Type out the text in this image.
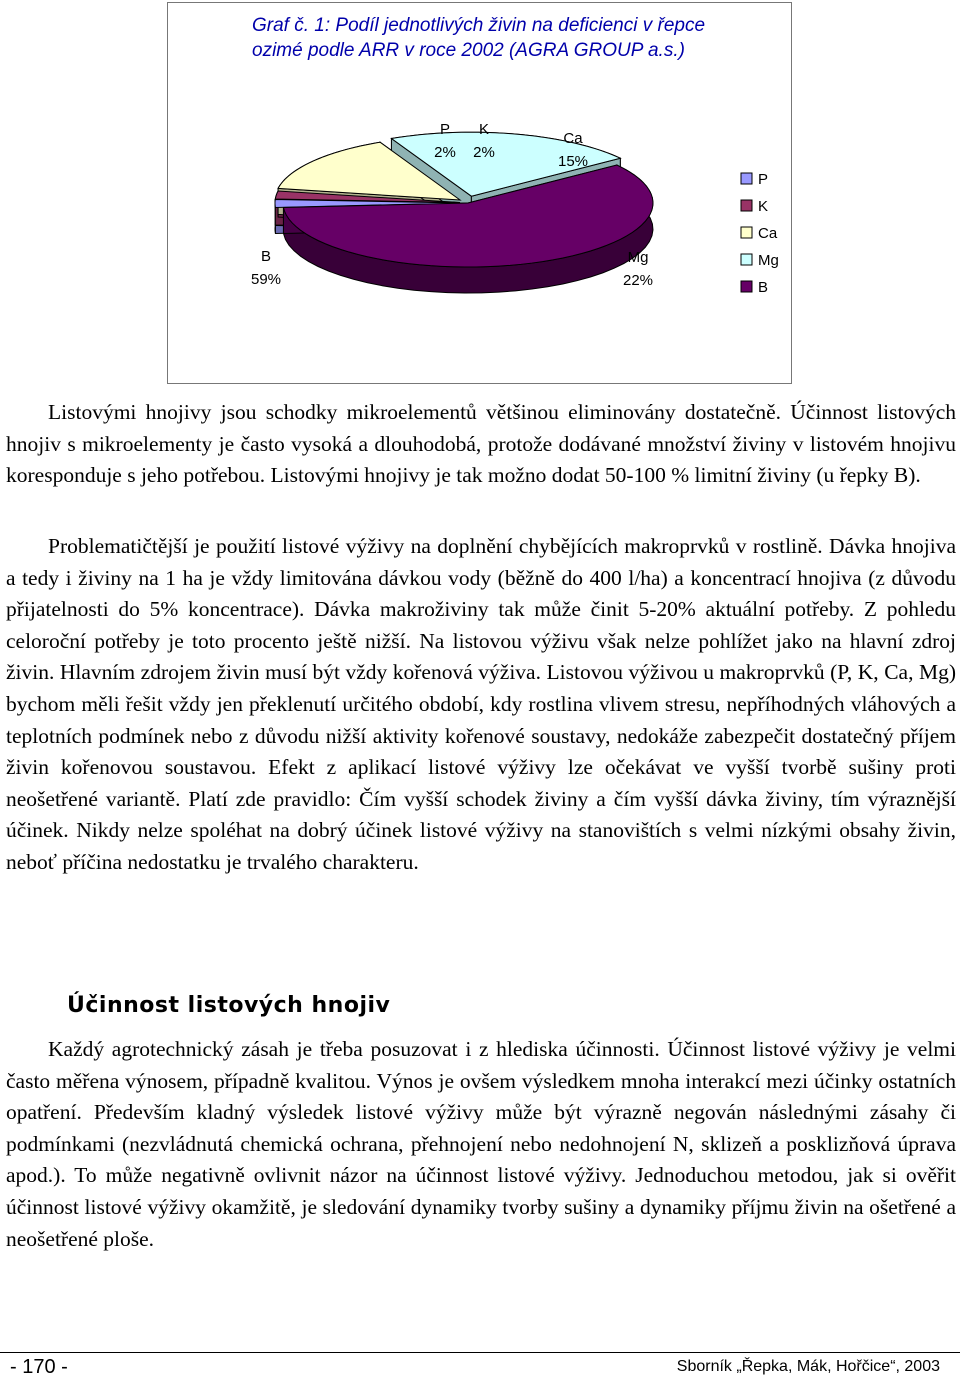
Graf č. 1: Podíl jednotlivých živin na deficienci v řepce ozimé podle ARR v roce 2002 (AGRA GROUP a.s.)
P
2%
K
2%
Ca
15%
Mg
22%
B
59%
P
K
Ca
Mg
B

Listovými hnojivy jsou schodky mikroelementů většinou eliminovány dostatečně. Účinnost listových hnojiv s mikroelementy je často vysoká a dlouhodobá, protože dodávané množství živiny v listovém hnojivu koresponduje s jeho potřebou. Listovými hnojivy je tak možno dodat 50-100 % limitní živiny (u řepky B).

Problematičtější je použití listové výživy na doplnění chybějících makroprvků v rostlině. Dávka hnojiva a tedy i živiny na 1 ha je vždy limitována dávkou vody (běžně do 400 l/ha) a koncentrací hnojiva (z důvodu přijatelnosti do 5% koncentrace). Dávka makroživiny tak může činit 5-20% aktuální potřeby. Z pohledu celoroční potřeby je toto procento ještě nižší. Na listovou výživu však nelze pohlížet jako na hlavní zdroj živin. Hlavním zdrojem živin musí být vždy kořenová výživa. Listovou výživou u makroprvků (P, K, Ca, Mg) bychom měli řešit vždy jen překlenutí určitého období, kdy rostlina vlivem stresu, nepříhodných vláhových a teplotních podmínek nebo z důvodu nižší aktivity kořenové soustavy, nedokáže zabezpečit dostatečný příjem živin kořenovou soustavou. Efekt z aplikací listové výživy lze očekávat ve vyšší tvorbě sušiny proti neošetřené variantě. Platí zde pravidlo: Čím vyšší schodek živiny a čím vyšší dávka živiny, tím výraznější účinek. Nikdy nelze spoléhat na dobrý účinek listové výživy na stanovištích s velmi nízkými obsahy živin, neboť příčina nedostatku je trvalého charakteru.

Účinnost listových hnojiv

Každý agrotechnický zásah je třeba posuzovat i z hlediska účinnosti. Účinnost listové výživy je velmi často měřena výnosem, případně kvalitou. Výnos je ovšem výsledkem mnoha interakcí mezi účinky ostatních opatření. Především kladný výsledek listové výživy může být výrazně negován následnými zásahy či podmínkami (nezvládnutá chemická ochrana, přehnojení nebo nedohnojení N, sklizeň a posklizňová úprava apod.). To může negativně ovlivnit názor na účinnost listové výživy. Jednoduchou metodou, jak si ověřit účinnost listové výživy okamžitě, je sledování dynamiky tvorby sušiny a dynamiky příjmu živin na ošetřené a neošetřené ploše.

- 170 -	Sborník „Řepka, Mák, Hořčice“, 2003
